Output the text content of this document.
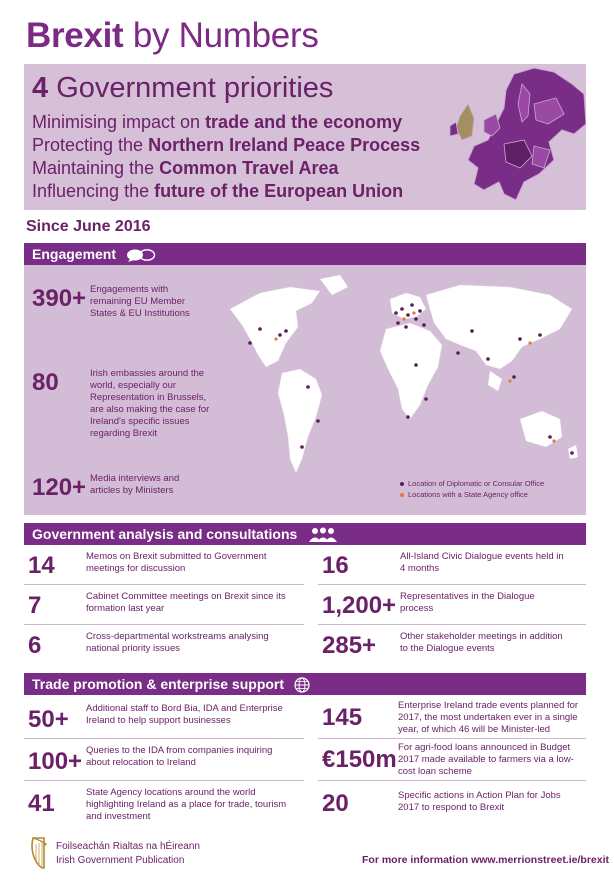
Brexit by Numbers
4 Government priorities
Minimising impact on trade and the economy
Protecting the Northern Ireland Peace Process
Maintaining the Common Travel Area
Influencing the future of the European Union
Since June 2016
Engagement
390+ Engagements with remaining EU Member States & EU Institutions
80	Irish embassies around the world, especially our Representation in Brussels, are also making the case for Ireland's specific issues regarding Brexit
120+ Media interviews and articles by Ministers
Location of Diplomatic or Consular Office
Locations with a State Agency office
Government analysis and consultations
14	Memos on Brexit submitted to Government meetings for discussion
7	Cabinet Committee meetings on Brexit since its formation last year
6	Cross-departmental workstreams analysing national priority issues
16	All-Island Civic Dialogue events held in 4 months
1,200+ Representatives in the Dialogue process
285+	Other stakeholder meetings in addition to the Dialogue events
Trade promotion & enterprise support
50+ Additional staff to Bord Bia, IDA and Enterprise Ireland to help support businesses
100+ Queries to the IDA from companies inquiring about relocation to Ireland
41	State Agency locations around the world highlighting Ireland as a place for trade, tourism and investment
145	Enterprise Ireland trade events planned for 2017, the most undertaken ever in a single year, of which 46 will be Minister-led
€150m For agri-food loans announced in Budget 2017 made available to farmers via a low-cost loan scheme
20	Specific actions in Action Plan for Jobs 2017 to respond to Brexit
Foilseachán Rialtas na hÉireann
Irish Government Publication	For more information www.merrionstreet.ie/brexit
